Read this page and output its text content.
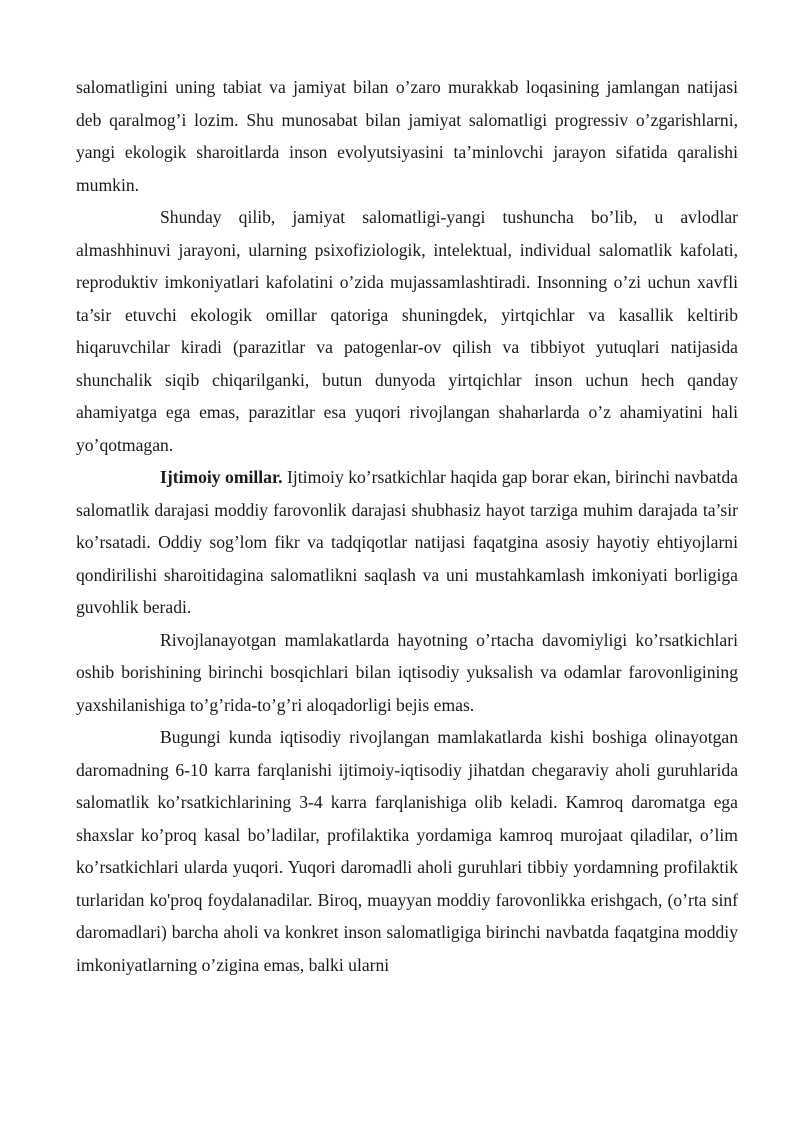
salomatligini uning tabiat va jamiyat bilan o’zaro murakkab loqasining jamlangan natijasi deb qaralmog’i lozim. Shu munosabat bilan jamiyat salomatligi progressiv o’zgarishlarni, yangi ekologik sharoitlarda inson evolyutsiyasini ta’minlovchi jarayon sifatida qaralishi mumkin.

Shunday qilib, jamiyat salomatligi-yangi tushuncha bo’lib, u avlodlar almashhinuvi jarayoni, ularning psixofiziologik, intelektual, individual salomatlik kafolati, reproduktiv imkoniyatlari kafolatini o’zida mujassamlashtiradi. Insonning o’zi uchun xavfli ta’sir etuvchi ekologik omillar qatoriga shuningdek, yirtqichlar va kasallik keltirib hiqaruvchilar kiradi (parazitlar va patogenlar-ov qilish va tibbiyot yutuqlari natijasida shunchalik siqib chiqarilganki, butun dunyoda yirtqichlar inson uchun hech qanday ahamiyatga ega emas, parazitlar esa yuqori rivojlangan shaharlarda o’z ahamiyatini hali yo’qotmagan.

Ijtimoiy omillar. Ijtimoiy ko’rsatkichlar haqida gap borar ekan, birinchi navbatda salomatlik darajasi moddiy farovonlik darajasi shubhasiz hayot tarziga muhim darajada ta’sir ko’rsatadi. Oddiy sog’lom fikr va tadqiqotlar natijasi faqatgina asosiy hayotiy ehtiyojlarni qondirilishi sharoitidagina salomatlikni saqlash va uni mustahkamlash imkoniyati borligiga guvohlik beradi.

Rivojlanayotgan mamlakatlarda hayotning o’rtacha davomiyligi ko’rsatkichlari oshib borishining birinchi bosqichlari bilan iqtisodiy yuksalish va odamlar farovonligining yaxshilanishiga to’g’rida-to’g’ri aloqadorligi bejis emas.

Bugungi kunda iqtisodiy rivojlangan mamlakatlarda kishi boshiga olinayotgan daromadning 6-10 karra farqlanishi ijtimoiy-iqtisodiy jihatdan chegaraviy aholi guruhlarida salomatlik ko’rsatkichlarining 3-4 karra farqlanishiga olib keladi. Kamroq daromatga ega shaxslar ko’proq kasal bo’ladilar, profilaktika yordamiga kamroq murojaat qiladilar, o’lim ko’rsatkichlari ularda yuqori. Yuqori daromadli aholi guruhlari tibbiy yordamning profilaktik turlaridan ko'proq foydalanadilar. Biroq, muayyan moddiy farovonlikka erishgach, (o’rta sinf daromadlari) barcha aholi va konkret inson salomatligiga birinchi navbatda faqatgina moddiy imkoniyatlarning o’zigina emas, balki ularni
